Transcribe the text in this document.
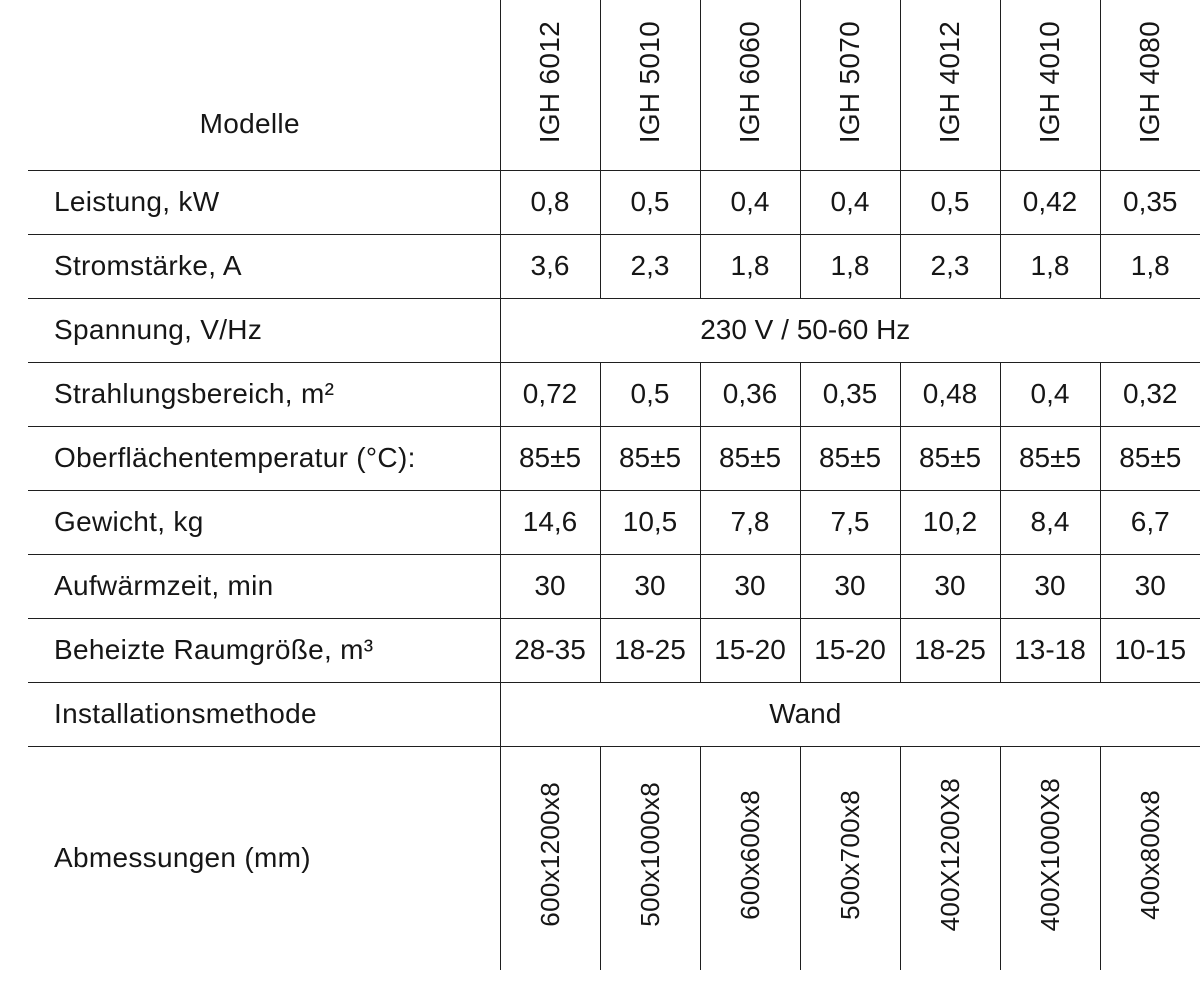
Modelle	IGH 6012	IGH 5010	IGH 6060	IGH 5070	IGH 4012	IGH 4010	IGH 4080
Leistung, kW	0,8	0,5	0,4	0,4	0,5	0,42	0,35
Stromstärke, A	3,6	2,3	1,8	1,8	2,3	1,8	1,8
Spannung, V/Hz	230 V / 50-60 Hz						
Strahlungsbereich, m²	0,72	0,5	0,36	0,35	0,48	0,4	0,32
Oberflächentemperatur (°C):	85±5	85±5	85±5	85±5	85±5	85±5	85±5
Gewicht, kg	14,6	10,5	7,8	7,5	10,2	8,4	6,7
Aufwärmzeit, min	30	30	30	30	30	30	30
Beheizte Raumgröße, m³	28-35	18-25	15-20	15-20	18-25	13-18	10-15
Installationsmethode	Wand						
Abmessungen (mm)	600x1200x8	500x1000x8	600x600x8	500x700x8	400X1200X8	400X1000X8	400x800x8
